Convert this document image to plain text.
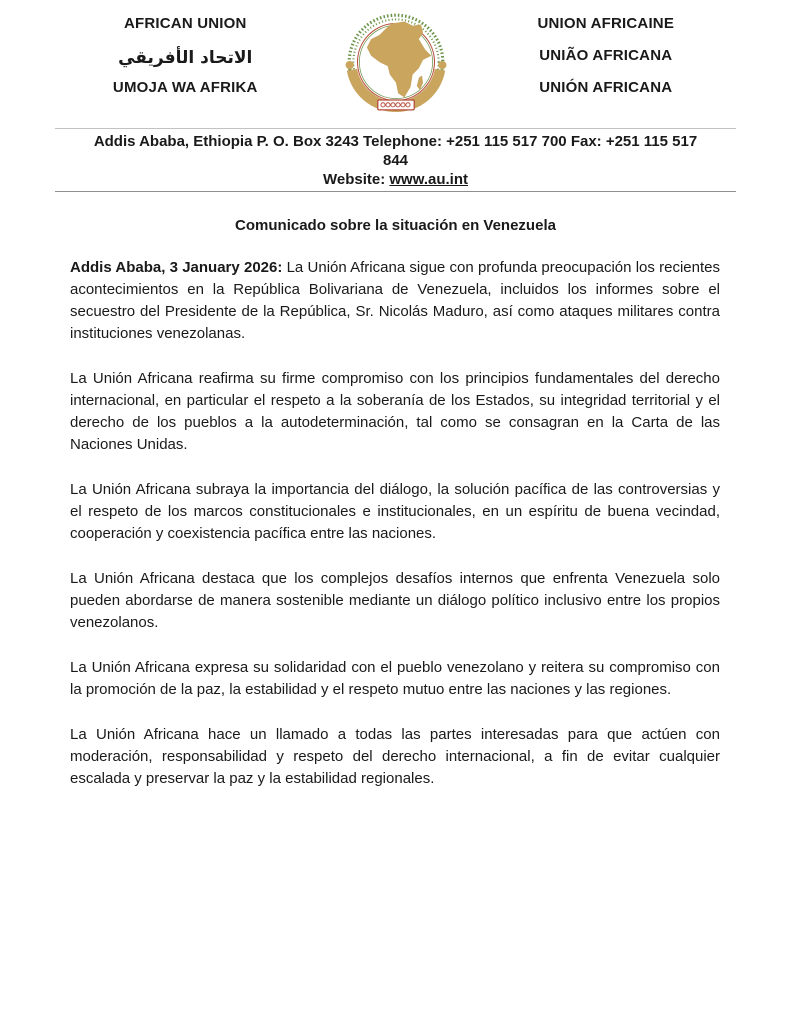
AFRICAN UNION
الاتحاد الأفريقي
UMOJA WA AFRIKA
UNION AFRICAINE
UNIÃO AFRICANA
UNIÓN AFRICANA
Addis Ababa, Ethiopia P. O. Box 3243 Telephone: +251 115 517 700 Fax: +251 115 517
844
Website: www.au.int
Comunicado sobre la situación en Venezuela

Addis Ababa, 3 January 2026: La Unión Africana sigue con profunda preocupación los recientes acontecimientos en la República Bolivariana de Venezuela, incluidos los informes sobre el secuestro del Presidente de la República, Sr. Nicolás Maduro, así como ataques militares contra instituciones venezolanas.

La Unión Africana reafirma su firme compromiso con los principios fundamentales del derecho internacional, en particular el respeto a la soberanía de los Estados, su integridad territorial y el derecho de los pueblos a la autodeterminación, tal como se consagran en la Carta de las Naciones Unidas.

La Unión Africana subraya la importancia del diálogo, la solución pacífica de las controversias y el respeto de los marcos constitucionales e institucionales, en un espíritu de buena vecindad, cooperación y coexistencia pacífica entre las naciones.

La Unión Africana destaca que los complejos desafíos internos que enfrenta Venezuela solo pueden abordarse de manera sostenible mediante un diálogo político inclusivo entre los propios venezolanos.

La Unión Africana expresa su solidaridad con el pueblo venezolano y reitera su compromiso con la promoción de la paz, la estabilidad y el respeto mutuo entre las naciones y las regiones.

La Unión Africana hace un llamado a todas las partes interesadas para que actúen con moderación, responsabilidad y respeto del derecho internacional, a fin de evitar cualquier escalada y preservar la paz y la estabilidad regionales.
